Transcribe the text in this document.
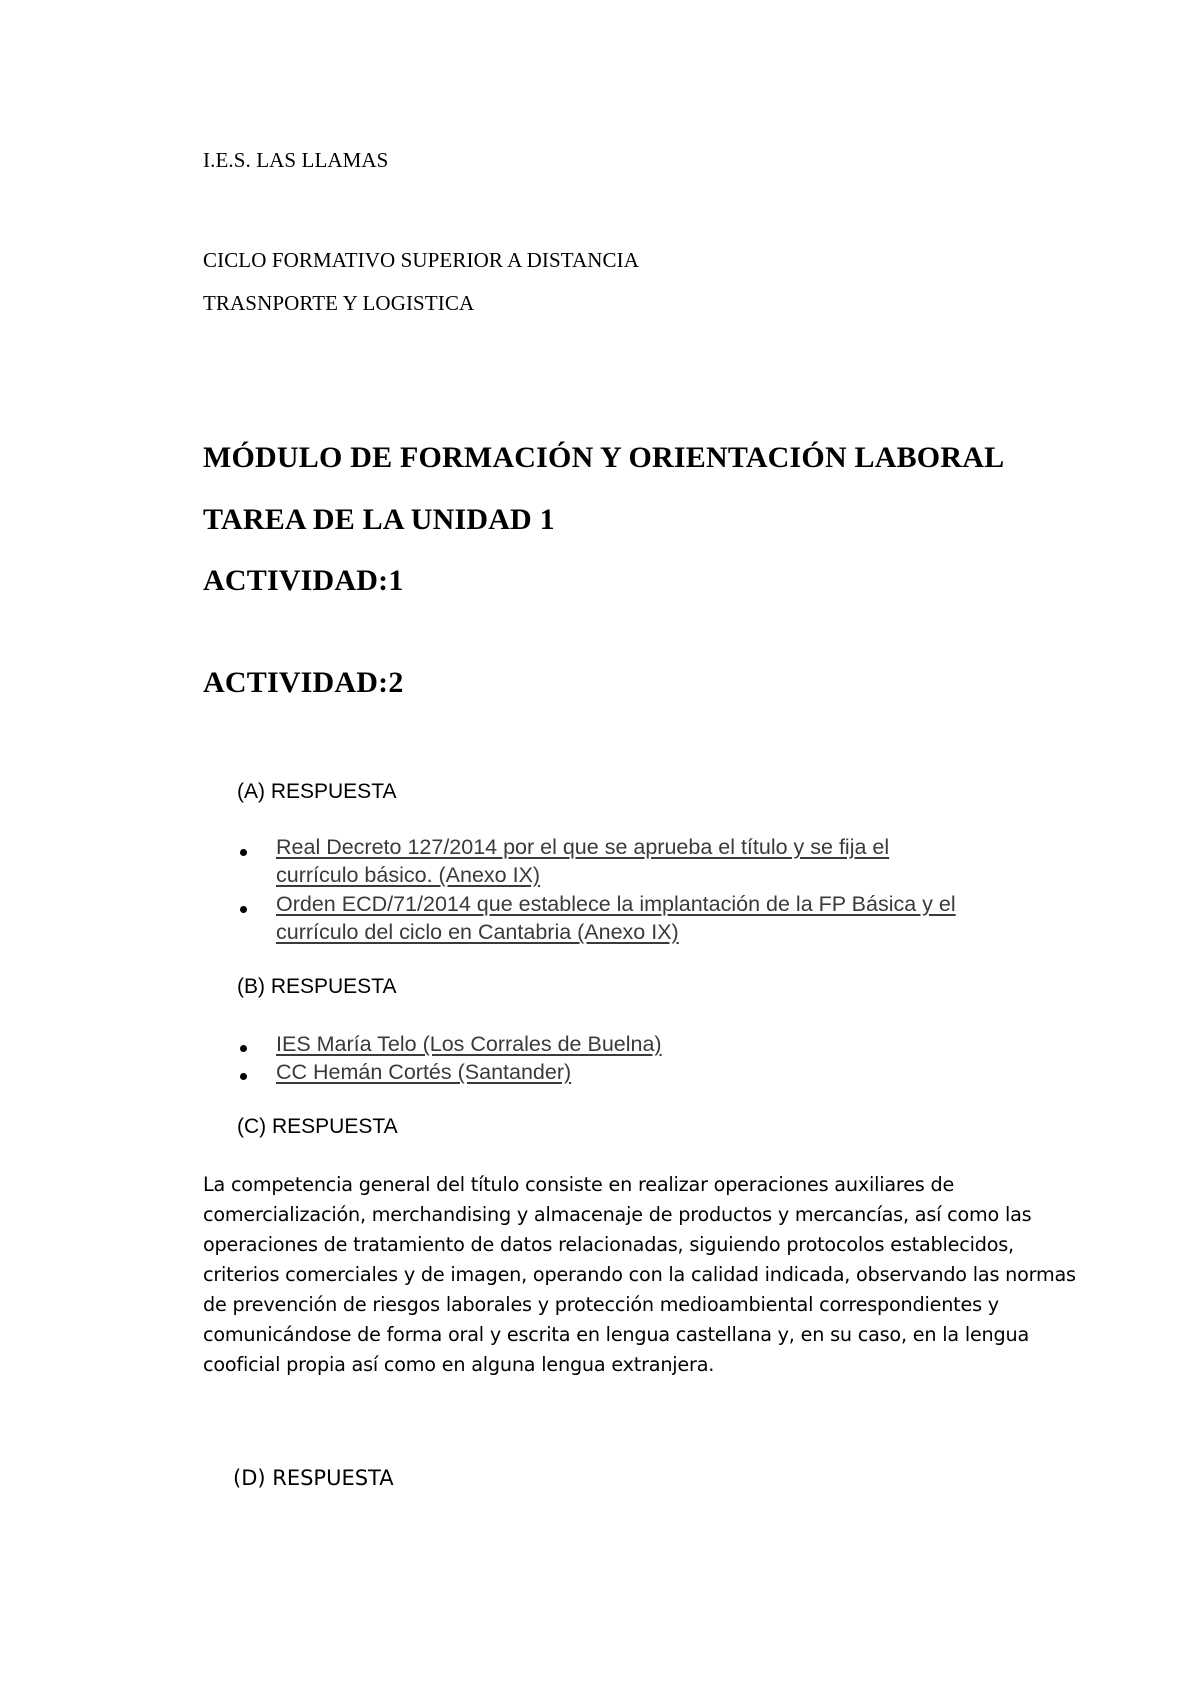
I.E.S. LAS LLAMAS
CICLO FORMATIVO SUPERIOR A DISTANCIA
TRASNPORTE Y LOGISTICA
MÓDULO DE FORMACIÓN Y ORIENTACIÓN LABORAL
TAREA DE LA UNIDAD 1
ACTIVIDAD:1
ACTIVIDAD:2
(A) RESPUESTA
Real Decreto 127/2014 por el que se aprueba el título y se fija el
currículo básico. (Anexo IX)
Orden ECD/71/2014 que establece la implantación de la FP Básica y el
currículo del ciclo en Cantabria (Anexo IX)
(B) RESPUESTA
IES María Telo (Los Corrales de Buelna)
CC Hemán Cortés (Santander)
(C) RESPUESTA
La competencia general del título consiste en realizar operaciones auxiliares de comercialización, merchandising y almacenaje de productos y mercancías, así como las operaciones de tratamiento de datos relacionadas, siguiendo protocolos establecidos, criterios comerciales y de imagen, operando con la calidad indicada, observando las normas de prevención de riesgos laborales y protección medioambiental correspondientes y comunicándose de forma oral y escrita en lengua castellana y, en su caso, en la lengua cooficial propia así como en alguna lengua extranjera.
(D) RESPUESTA
